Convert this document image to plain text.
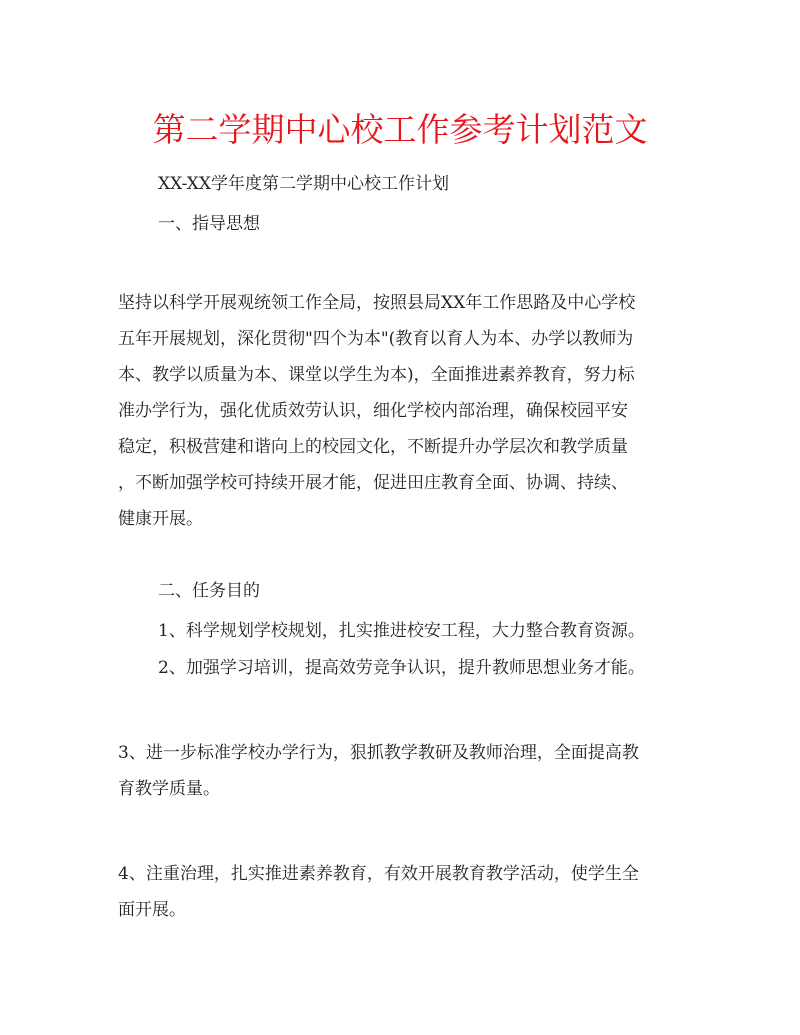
第二学期中心校工作参考计划范文
XX-XX学年度第二学期中心校工作计划
一、指导思想
坚持以科学开展观统领工作全局，按照县局XX年工作思路及中心学校
五年开展规划，深化贯彻"四个为本"(教育以育人为本、办学以教师为
本、教学以质量为本、课堂以学生为本)，全面推进素养教育，努力标
准办学行为，强化优质效劳认识，细化学校内部治理，确保校园平安
稳定，积极营建和谐向上的校园文化，不断提升办学层次和教学质量
，不断加强学校可持续开展才能，促进田庄教育全面、协调、持续、
健康开展。
二、任务目的
1、科学规划学校规划，扎实推进校安工程，大力整合教育资源。
2、加强学习培训，提高效劳竞争认识，提升教师思想业务才能。
3、进一步标准学校办学行为，狠抓教学教研及教师治理，全面提高教
育教学质量。
4、注重治理，扎实推进素养教育，有效开展教育教学活动，使学生全
面开展。
